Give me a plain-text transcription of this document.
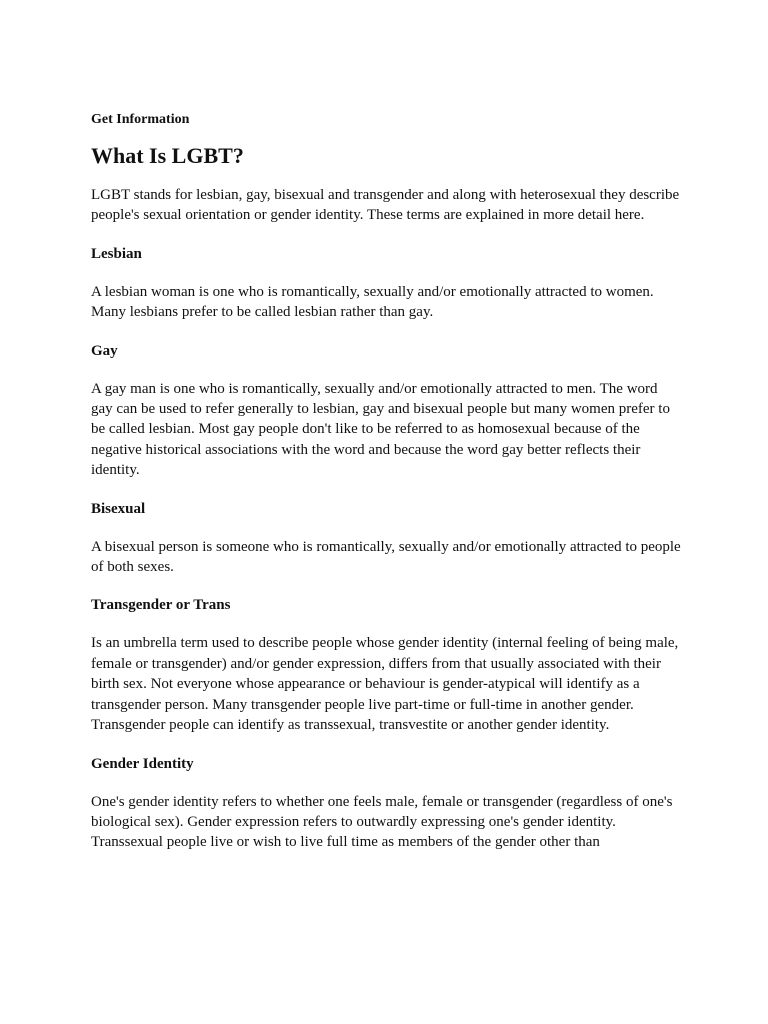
Get Information
What Is LGBT?

LGBT stands for lesbian, gay, bisexual and transgender and along with heterosexual they describe people's sexual orientation or gender identity. These terms are explained in more detail here.

Lesbian

A lesbian woman is one who is romantically, sexually and/or emotionally attracted to women. Many lesbians prefer to be called lesbian rather than gay.

Gay

A gay man is one who is romantically, sexually and/or emotionally attracted to men. The word gay can be used to refer generally to lesbian, gay and bisexual people but many women prefer to be called lesbian. Most gay people don't like to be referred to as homosexual because of the negative historical associations with the word and because the word gay better reflects their identity.

Bisexual

A bisexual person is someone who is romantically, sexually and/or emotionally attracted to people of both sexes.

Transgender or Trans

Is an umbrella term used to describe people whose gender identity (internal feeling of being male, female or transgender) and/or gender expression, differs from that usually associated with their birth sex. Not everyone whose appearance or behaviour is gender-atypical will identify as a transgender person. Many transgender people live part-time or full-time in another gender. Transgender people can identify as transsexual, transvestite or another gender identity.

Gender Identity

One's gender identity refers to whether one feels male, female or transgender (regardless of one's biological sex). Gender expression refers to outwardly expressing one's gender identity.

Transsexual people live or wish to live full time as members of the gender other than
